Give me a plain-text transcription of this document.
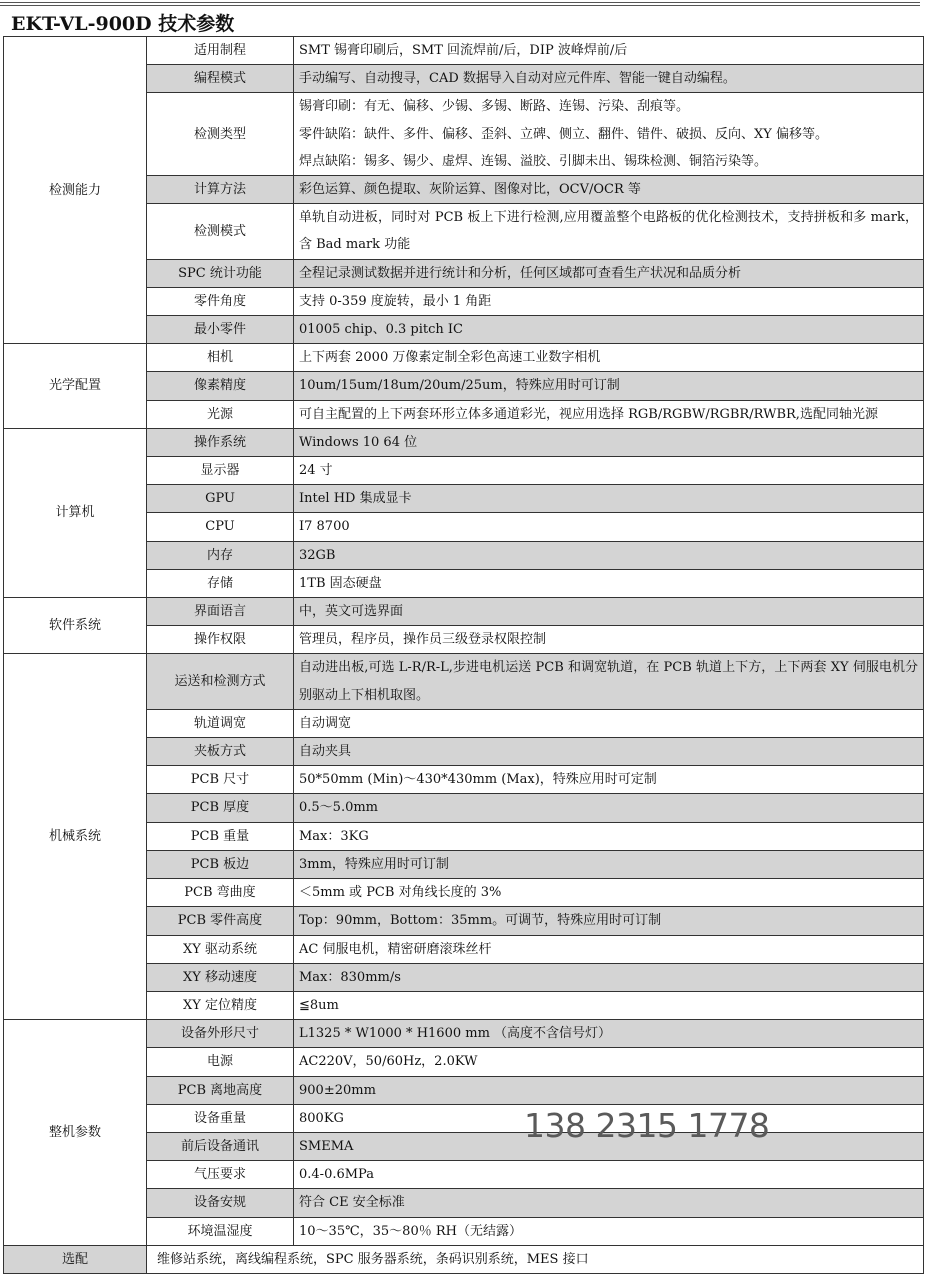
EKT-VL-900D 技术参数
检测能力	适用制程	SMT 锡膏印刷后，SMT 回流焊前/后，DIP 波峰焊前/后

	编程模式	手动编写、自动搜寻，CAD 数据导入自动对应元件库、智能一键自动编程。

	检测类型	锡膏印刷：有无、偏移、少锡、多锡、断路、连锡、污染、刮痕等。
零件缺陷：缺件、多件、偏移、歪斜、立碑、侧立、翻件、错件、破损、反向、XY 偏移等。
焊点缺陷：锡多、锡少、虚焊、连锡、溢胶、引脚未出、锡珠检测、铜箔污染等。

	计算方法	彩色运算、颜色提取、灰阶运算、图像对比，OCV/OCR 等

	检测模式	单轨自动进板，同时对 PCB 板上下进行检测,应用覆盖整个电路板的优化检测技术，支持拼板和多 mark，含 Bad mark 功能

	SPC 统计功能	全程记录测试数据并进行统计和分析，任何区域都可查看生产状况和品质分析

	零件角度	支持 0-359 度旋转，最小 1 角距

	最小零件	01005 chip、0.3 pitch IC

光学配置	相机	上下两套 2000 万像素定制全彩色高速工业数字相机

	像素精度	10um/15um/18um/20um/25um，特殊应用时可订制

	光源	可自主配置的上下两套环形立体多通道彩光，视应用选择 RGB/RGBW/RGBR/RWBR,选配同轴光源

计算机	操作系统	Windows 10 64 位

	显示器	24 寸

	GPU	Intel HD 集成显卡

	CPU	I7 8700

	内存	32GB

	存储	1TB 固态硬盘

软件系统	界面语言	中，英文可选界面

	操作权限	管理员，程序员，操作员三级登录权限控制

机械系统	运送和检测方式	自动进出板,可选 L-R/R-L,步进电机运送 PCB 和调宽轨道，在 PCB 轨道上下方，上下两套 XY 伺服电机分别驱动上下相机取图。

	轨道调宽	自动调宽

	夹板方式	自动夹具

	PCB 尺寸	50*50mm (Min)～430*430mm (Max)，特殊应用时可定制

	PCB 厚度	0.5～5.0mm

	PCB 重量	Max：3KG

	PCB 板边	3mm，特殊应用时可订制

	PCB 弯曲度	＜5mm 或 PCB 对角线长度的 3%

	PCB 零件高度	Top：90mm，Bottom：35mm。可调节，特殊应用时可订制

	XY 驱动系统	AC 伺服电机，精密研磨滚珠丝杆

	XY 移动速度	Max：830mm/s

	XY 定位精度	≦8um

整机参数	设备外形尺寸	L1325 * W1000 * H1600 mm （高度不含信号灯）

	电源	AC220V，50/60Hz，2.0KW

	PCB 离地高度	900±20mm

	设备重量	800KG

	前后设备通讯	SMEMA

	气压要求	0.4-0.6MPa

	设备安规	符合 CE 安全标准

	环境温湿度	10～35℃，35～80％ RH（无结露）

选配	维修站系统，离线编程系统，SPC 服务器系统，条码识别系统，MES 接口	
138 2315 1778
